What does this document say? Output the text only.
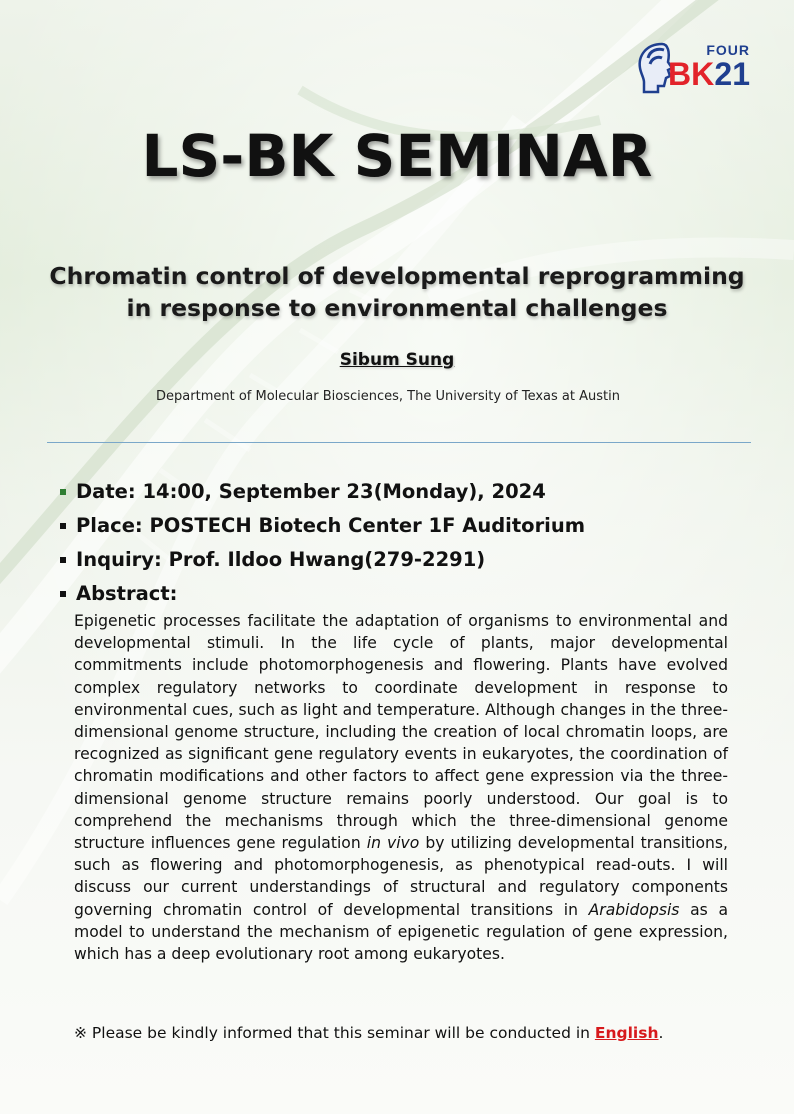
FOUR
BK 21
LS-BK SEMINAR
Chromatin control of developmental reprogramming
in response to environmental challenges
Sibum Sung
Department of Molecular Biosciences, The University of Texas at Austin
Date: 14:00, September 23(Monday), 2024
Place: POSTECH Biotech Center 1F Auditorium
Inquiry: Prof. Ildoo Hwang(279-2291)
Abstract:
Epigenetic processes facilitate the adaptation of organisms to environmental and developmental stimuli. In the life cycle of plants, major developmental commitments include photomorphogenesis and flowering. Plants have evolved complex regulatory networks to coordinate development in response to environmental cues, such as light and temperature. Although changes in the three-dimensional genome structure, including the creation of local chromatin loops, are recognized as significant gene regulatory events in eukaryotes, the coordination of chromatin modifications and other factors to affect gene expression via the three-dimensional genome structure remains poorly understood. Our goal is to comprehend the mechanisms through which the three-dimensional genome structure influences gene regulation in vivo by utilizing developmental transitions, such as flowering and photomorphogenesis, as phenotypical read-outs. I will discuss our current understandings of structural and regulatory components governing chromatin control of developmental transitions in Arabidopsis as a model to understand the mechanism of epigenetic regulation of gene expression, which has a deep evolutionary root among eukaryotes.
※ Please be kindly informed that this seminar will be conducted in English.
